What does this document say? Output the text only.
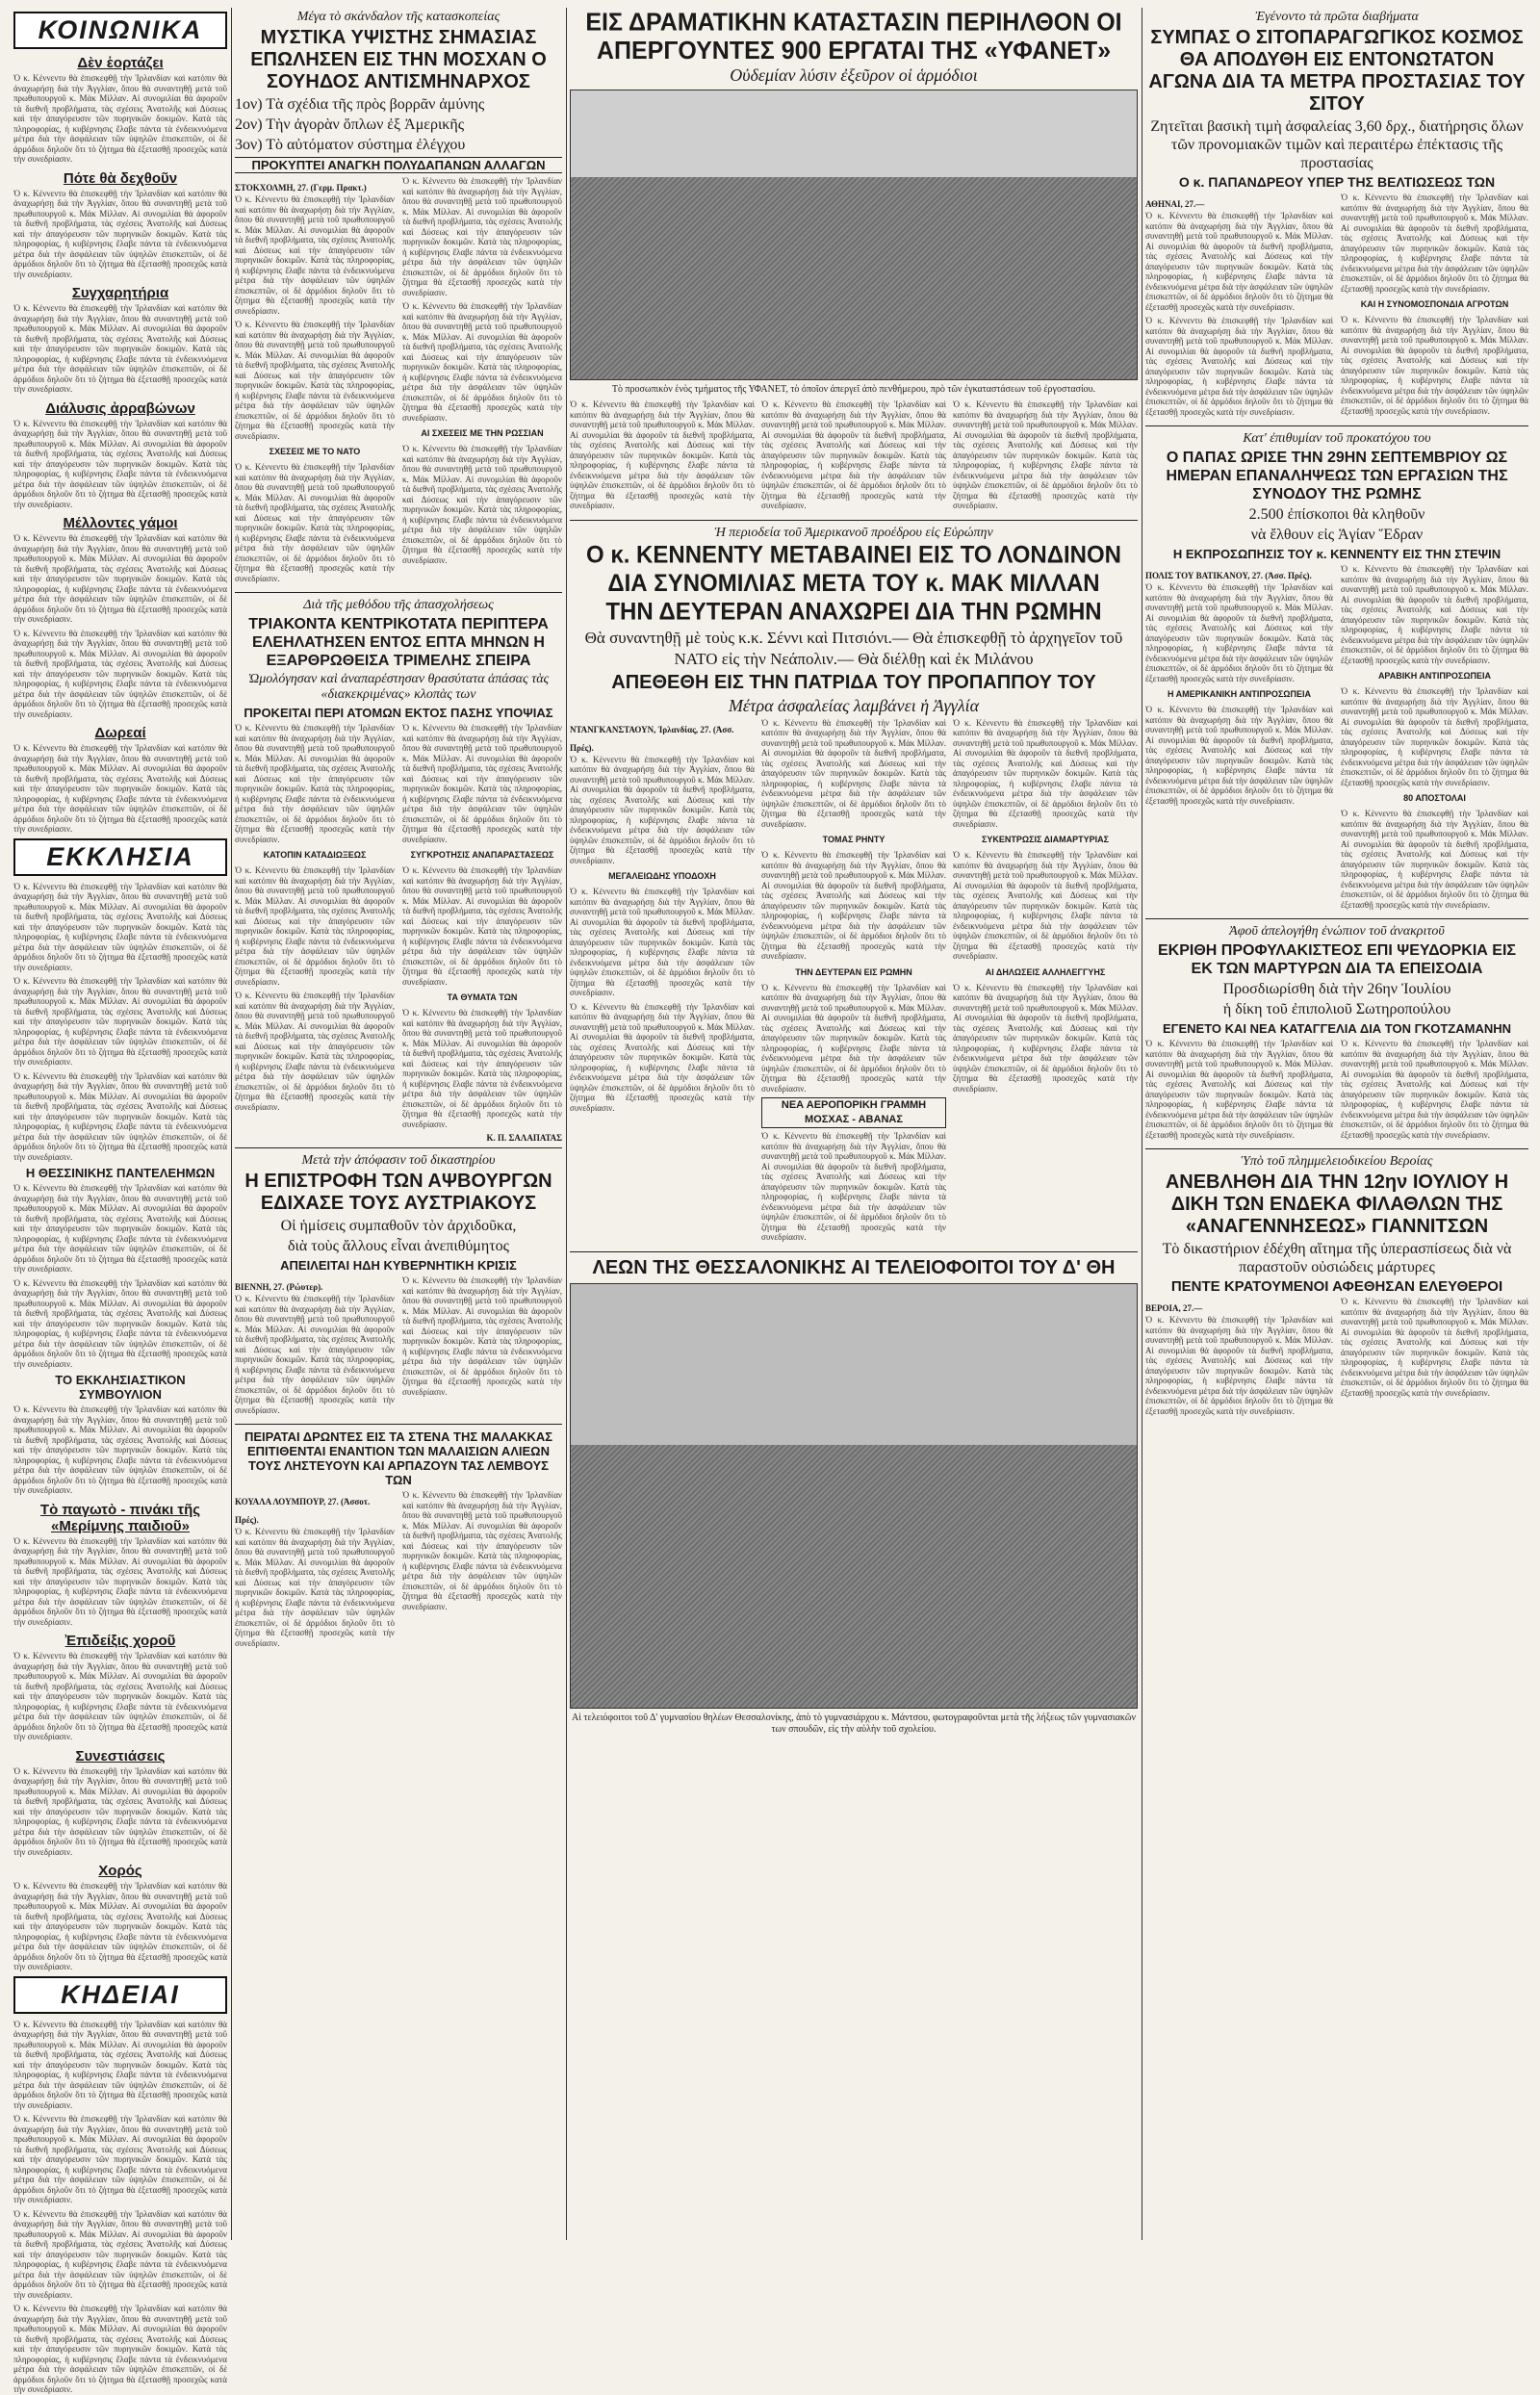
ΚΟΙΝΩΝΙΚΑ
Δὲν ἑορτάζει

Ὁ κ. Κέννεντυ θὰ ἐπισκεφθῇ τὴν Ἰρλανδίαν καὶ κατόπιν θὰ ἀναχωρήσῃ διὰ τὴν Ἀγγλίαν, ὅπου θὰ συναντηθῇ μετὰ τοῦ πρωθυπουργοῦ κ. Μάκ Μίλλαν. Αἱ συνομιλίαι θὰ ἀφοροῦν τὰ διεθνῆ προβλήματα, τὰς σχέσεις Ἀνατολῆς καὶ Δύσεως καὶ τὴν ἀπαγόρευσιν τῶν πυρηνικῶν δοκιμῶν. Κατὰ τὰς πληροφορίας, ἡ κυβέρνησις ἔλαβε πάντα τὰ ἐνδεικνυόμενα μέτρα διὰ τὴν ἀσφάλειαν τῶν ὑψηλῶν ἐπισκεπτῶν, οἱ δὲ ἁρμόδιοι δηλοῦν ὅτι τὸ ζήτημα θὰ ἐξετασθῇ προσεχῶς κατὰ τὴν συνεδρίασιν.

Πότε θὰ δεχθοῦν

Ὁ κ. Κέννεντυ θὰ ἐπισκεφθῇ τὴν Ἰρλανδίαν καὶ κατόπιν θὰ ἀναχωρήσῃ διὰ τὴν Ἀγγλίαν, ὅπου θὰ συναντηθῇ μετὰ τοῦ πρωθυπουργοῦ κ. Μάκ Μίλλαν. Αἱ συνομιλίαι θὰ ἀφοροῦν τὰ διεθνῆ προβλήματα, τὰς σχέσεις Ἀνατολῆς καὶ Δύσεως καὶ τὴν ἀπαγόρευσιν τῶν πυρηνικῶν δοκιμῶν. Κατὰ τὰς πληροφορίας, ἡ κυβέρνησις ἔλαβε πάντα τὰ ἐνδεικνυόμενα μέτρα διὰ τὴν ἀσφάλειαν τῶν ὑψηλῶν ἐπισκεπτῶν, οἱ δὲ ἁρμόδιοι δηλοῦν ὅτι τὸ ζήτημα θὰ ἐξετασθῇ προσεχῶς κατὰ τὴν συνεδρίασιν.

Συγχαρητήρια

Ὁ κ. Κέννεντυ θὰ ἐπισκεφθῇ τὴν Ἰρλανδίαν καὶ κατόπιν θὰ ἀναχωρήσῃ διὰ τὴν Ἀγγλίαν, ὅπου θὰ συναντηθῇ μετὰ τοῦ πρωθυπουργοῦ κ. Μάκ Μίλλαν. Αἱ συνομιλίαι θὰ ἀφοροῦν τὰ διεθνῆ προβλήματα, τὰς σχέσεις Ἀνατολῆς καὶ Δύσεως καὶ τὴν ἀπαγόρευσιν τῶν πυρηνικῶν δοκιμῶν. Κατὰ τὰς πληροφορίας, ἡ κυβέρνησις ἔλαβε πάντα τὰ ἐνδεικνυόμενα μέτρα διὰ τὴν ἀσφάλειαν τῶν ὑψηλῶν ἐπισκεπτῶν, οἱ δὲ ἁρμόδιοι δηλοῦν ὅτι τὸ ζήτημα θὰ ἐξετασθῇ προσεχῶς κατὰ τὴν συνεδρίασιν.

Διάλυσις ἀρραβώνων

Ὁ κ. Κέννεντυ θὰ ἐπισκεφθῇ τὴν Ἰρλανδίαν καὶ κατόπιν θὰ ἀναχωρήσῃ διὰ τὴν Ἀγγλίαν, ὅπου θὰ συναντηθῇ μετὰ τοῦ πρωθυπουργοῦ κ. Μάκ Μίλλαν. Αἱ συνομιλίαι θὰ ἀφοροῦν τὰ διεθνῆ προβλήματα, τὰς σχέσεις Ἀνατολῆς καὶ Δύσεως καὶ τὴν ἀπαγόρευσιν τῶν πυρηνικῶν δοκιμῶν. Κατὰ τὰς πληροφορίας, ἡ κυβέρνησις ἔλαβε πάντα τὰ ἐνδεικνυόμενα μέτρα διὰ τὴν ἀσφάλειαν τῶν ὑψηλῶν ἐπισκεπτῶν, οἱ δὲ ἁρμόδιοι δηλοῦν ὅτι τὸ ζήτημα θὰ ἐξετασθῇ προσεχῶς κατὰ τὴν συνεδρίασιν.

Μέλλοντες γάμοι

Ὁ κ. Κέννεντυ θὰ ἐπισκεφθῇ τὴν Ἰρλανδίαν καὶ κατόπιν θὰ ἀναχωρήσῃ διὰ τὴν Ἀγγλίαν, ὅπου θὰ συναντηθῇ μετὰ τοῦ πρωθυπουργοῦ κ. Μάκ Μίλλαν. Αἱ συνομιλίαι θὰ ἀφοροῦν τὰ διεθνῆ προβλήματα, τὰς σχέσεις Ἀνατολῆς καὶ Δύσεως καὶ τὴν ἀπαγόρευσιν τῶν πυρηνικῶν δοκιμῶν. Κατὰ τὰς πληροφορίας, ἡ κυβέρνησις ἔλαβε πάντα τὰ ἐνδεικνυόμενα μέτρα διὰ τὴν ἀσφάλειαν τῶν ὑψηλῶν ἐπισκεπτῶν, οἱ δὲ ἁρμόδιοι δηλοῦν ὅτι τὸ ζήτημα θὰ ἐξετασθῇ προσεχῶς κατὰ τὴν συνεδρίασιν.

Ὁ κ. Κέννεντυ θὰ ἐπισκεφθῇ τὴν Ἰρλανδίαν καὶ κατόπιν θὰ ἀναχωρήσῃ διὰ τὴν Ἀγγλίαν, ὅπου θὰ συναντηθῇ μετὰ τοῦ πρωθυπουργοῦ κ. Μάκ Μίλλαν. Αἱ συνομιλίαι θὰ ἀφοροῦν τὰ διεθνῆ προβλήματα, τὰς σχέσεις Ἀνατολῆς καὶ Δύσεως καὶ τὴν ἀπαγόρευσιν τῶν πυρηνικῶν δοκιμῶν. Κατὰ τὰς πληροφορίας, ἡ κυβέρνησις ἔλαβε πάντα τὰ ἐνδεικνυόμενα μέτρα διὰ τὴν ἀσφάλειαν τῶν ὑψηλῶν ἐπισκεπτῶν, οἱ δὲ ἁρμόδιοι δηλοῦν ὅτι τὸ ζήτημα θὰ ἐξετασθῇ προσεχῶς κατὰ τὴν συνεδρίασιν.

Δωρεαί

Ὁ κ. Κέννεντυ θὰ ἐπισκεφθῇ τὴν Ἰρλανδίαν καὶ κατόπιν θὰ ἀναχωρήσῃ διὰ τὴν Ἀγγλίαν, ὅπου θὰ συναντηθῇ μετὰ τοῦ πρωθυπουργοῦ κ. Μάκ Μίλλαν. Αἱ συνομιλίαι θὰ ἀφοροῦν τὰ διεθνῆ προβλήματα, τὰς σχέσεις Ἀνατολῆς καὶ Δύσεως καὶ τὴν ἀπαγόρευσιν τῶν πυρηνικῶν δοκιμῶν. Κατὰ τὰς πληροφορίας, ἡ κυβέρνησις ἔλαβε πάντα τὰ ἐνδεικνυόμενα μέτρα διὰ τὴν ἀσφάλειαν τῶν ὑψηλῶν ἐπισκεπτῶν, οἱ δὲ ἁρμόδιοι δηλοῦν ὅτι τὸ ζήτημα θὰ ἐξετασθῇ προσεχῶς κατὰ τὴν συνεδρίασιν.

ΕΚΚΛΗΣΙΑ

Ὁ κ. Κέννεντυ θὰ ἐπισκεφθῇ τὴν Ἰρλανδίαν καὶ κατόπιν θὰ ἀναχωρήσῃ διὰ τὴν Ἀγγλίαν, ὅπου θὰ συναντηθῇ μετὰ τοῦ πρωθυπουργοῦ κ. Μάκ Μίλλαν. Αἱ συνομιλίαι θὰ ἀφοροῦν τὰ διεθνῆ προβλήματα, τὰς σχέσεις Ἀνατολῆς καὶ Δύσεως καὶ τὴν ἀπαγόρευσιν τῶν πυρηνικῶν δοκιμῶν. Κατὰ τὰς πληροφορίας, ἡ κυβέρνησις ἔλαβε πάντα τὰ ἐνδεικνυόμενα μέτρα διὰ τὴν ἀσφάλειαν τῶν ὑψηλῶν ἐπισκεπτῶν, οἱ δὲ ἁρμόδιοι δηλοῦν ὅτι τὸ ζήτημα θὰ ἐξετασθῇ προσεχῶς κατὰ τὴν συνεδρίασιν.

Ὁ κ. Κέννεντυ θὰ ἐπισκεφθῇ τὴν Ἰρλανδίαν καὶ κατόπιν θὰ ἀναχωρήσῃ διὰ τὴν Ἀγγλίαν, ὅπου θὰ συναντηθῇ μετὰ τοῦ πρωθυπουργοῦ κ. Μάκ Μίλλαν. Αἱ συνομιλίαι θὰ ἀφοροῦν τὰ διεθνῆ προβλήματα, τὰς σχέσεις Ἀνατολῆς καὶ Δύσεως καὶ τὴν ἀπαγόρευσιν τῶν πυρηνικῶν δοκιμῶν. Κατὰ τὰς πληροφορίας, ἡ κυβέρνησις ἔλαβε πάντα τὰ ἐνδεικνυόμενα μέτρα διὰ τὴν ἀσφάλειαν τῶν ὑψηλῶν ἐπισκεπτῶν, οἱ δὲ ἁρμόδιοι δηλοῦν ὅτι τὸ ζήτημα θὰ ἐξετασθῇ προσεχῶς κατὰ τὴν συνεδρίασιν.

Ὁ κ. Κέννεντυ θὰ ἐπισκεφθῇ τὴν Ἰρλανδίαν καὶ κατόπιν θὰ ἀναχωρήσῃ διὰ τὴν Ἀγγλίαν, ὅπου θὰ συναντηθῇ μετὰ τοῦ πρωθυπουργοῦ κ. Μάκ Μίλλαν. Αἱ συνομιλίαι θὰ ἀφοροῦν τὰ διεθνῆ προβλήματα, τὰς σχέσεις Ἀνατολῆς καὶ Δύσεως καὶ τὴν ἀπαγόρευσιν τῶν πυρηνικῶν δοκιμῶν. Κατὰ τὰς πληροφορίας, ἡ κυβέρνησις ἔλαβε πάντα τὰ ἐνδεικνυόμενα μέτρα διὰ τὴν ἀσφάλειαν τῶν ὑψηλῶν ἐπισκεπτῶν, οἱ δὲ ἁρμόδιοι δηλοῦν ὅτι τὸ ζήτημα θὰ ἐξετασθῇ προσεχῶς κατὰ τὴν συνεδρίασιν.

Η ΘΕΣΣΙΝΙΚΗΣ ΠΑΝΤΕΛΕΗΜΩΝ

Ὁ κ. Κέννεντυ θὰ ἐπισκεφθῇ τὴν Ἰρλανδίαν καὶ κατόπιν θὰ ἀναχωρήσῃ διὰ τὴν Ἀγγλίαν, ὅπου θὰ συναντηθῇ μετὰ τοῦ πρωθυπουργοῦ κ. Μάκ Μίλλαν. Αἱ συνομιλίαι θὰ ἀφοροῦν τὰ διεθνῆ προβλήματα, τὰς σχέσεις Ἀνατολῆς καὶ Δύσεως καὶ τὴν ἀπαγόρευσιν τῶν πυρηνικῶν δοκιμῶν. Κατὰ τὰς πληροφορίας, ἡ κυβέρνησις ἔλαβε πάντα τὰ ἐνδεικνυόμενα μέτρα διὰ τὴν ἀσφάλειαν τῶν ὑψηλῶν ἐπισκεπτῶν, οἱ δὲ ἁρμόδιοι δηλοῦν ὅτι τὸ ζήτημα θὰ ἐξετασθῇ προσεχῶς κατὰ τὴν συνεδρίασιν.

Ὁ κ. Κέννεντυ θὰ ἐπισκεφθῇ τὴν Ἰρλανδίαν καὶ κατόπιν θὰ ἀναχωρήσῃ διὰ τὴν Ἀγγλίαν, ὅπου θὰ συναντηθῇ μετὰ τοῦ πρωθυπουργοῦ κ. Μάκ Μίλλαν. Αἱ συνομιλίαι θὰ ἀφοροῦν τὰ διεθνῆ προβλήματα, τὰς σχέσεις Ἀνατολῆς καὶ Δύσεως καὶ τὴν ἀπαγόρευσιν τῶν πυρηνικῶν δοκιμῶν. Κατὰ τὰς πληροφορίας, ἡ κυβέρνησις ἔλαβε πάντα τὰ ἐνδεικνυόμενα μέτρα διὰ τὴν ἀσφάλειαν τῶν ὑψηλῶν ἐπισκεπτῶν, οἱ δὲ ἁρμόδιοι δηλοῦν ὅτι τὸ ζήτημα θὰ ἐξετασθῇ προσεχῶς κατὰ τὴν συνεδρίασιν.

ΤΟ ΕΚΚΛΗΣΙΑΣΤΙΚΟΝ ΣΥΜΒΟΥΛΙΟΝ

Ὁ κ. Κέννεντυ θὰ ἐπισκεφθῇ τὴν Ἰρλανδίαν καὶ κατόπιν θὰ ἀναχωρήσῃ διὰ τὴν Ἀγγλίαν, ὅπου θὰ συναντηθῇ μετὰ τοῦ πρωθυπουργοῦ κ. Μάκ Μίλλαν. Αἱ συνομιλίαι θὰ ἀφοροῦν τὰ διεθνῆ προβλήματα, τὰς σχέσεις Ἀνατολῆς καὶ Δύσεως καὶ τὴν ἀπαγόρευσιν τῶν πυρηνικῶν δοκιμῶν. Κατὰ τὰς πληροφορίας, ἡ κυβέρνησις ἔλαβε πάντα τὰ ἐνδεικνυόμενα μέτρα διὰ τὴν ἀσφάλειαν τῶν ὑψηλῶν ἐπισκεπτῶν, οἱ δὲ ἁρμόδιοι δηλοῦν ὅτι τὸ ζήτημα θὰ ἐξετασθῇ προσεχῶς κατὰ τὴν συνεδρίασιν.

Τὸ παγωτὸ - πινάκι τῆς «Μερίμνης παιδιοῦ»

Ὁ κ. Κέννεντυ θὰ ἐπισκεφθῇ τὴν Ἰρλανδίαν καὶ κατόπιν θὰ ἀναχωρήσῃ διὰ τὴν Ἀγγλίαν, ὅπου θὰ συναντηθῇ μετὰ τοῦ πρωθυπουργοῦ κ. Μάκ Μίλλαν. Αἱ συνομιλίαι θὰ ἀφοροῦν τὰ διεθνῆ προβλήματα, τὰς σχέσεις Ἀνατολῆς καὶ Δύσεως καὶ τὴν ἀπαγόρευσιν τῶν πυρηνικῶν δοκιμῶν. Κατὰ τὰς πληροφορίας, ἡ κυβέρνησις ἔλαβε πάντα τὰ ἐνδεικνυόμενα μέτρα διὰ τὴν ἀσφάλειαν τῶν ὑψηλῶν ἐπισκεπτῶν, οἱ δὲ ἁρμόδιοι δηλοῦν ὅτι τὸ ζήτημα θὰ ἐξετασθῇ προσεχῶς κατὰ τὴν συνεδρίασιν.

Ἐπιδείξις χοροῦ

Ὁ κ. Κέννεντυ θὰ ἐπισκεφθῇ τὴν Ἰρλανδίαν καὶ κατόπιν θὰ ἀναχωρήσῃ διὰ τὴν Ἀγγλίαν, ὅπου θὰ συναντηθῇ μετὰ τοῦ πρωθυπουργοῦ κ. Μάκ Μίλλαν. Αἱ συνομιλίαι θὰ ἀφοροῦν τὰ διεθνῆ προβλήματα, τὰς σχέσεις Ἀνατολῆς καὶ Δύσεως καὶ τὴν ἀπαγόρευσιν τῶν πυρηνικῶν δοκιμῶν. Κατὰ τὰς πληροφορίας, ἡ κυβέρνησις ἔλαβε πάντα τὰ ἐνδεικνυόμενα μέτρα διὰ τὴν ἀσφάλειαν τῶν ὑψηλῶν ἐπισκεπτῶν, οἱ δὲ ἁρμόδιοι δηλοῦν ὅτι τὸ ζήτημα θὰ ἐξετασθῇ προσεχῶς κατὰ τὴν συνεδρίασιν.

Συνεστιάσεις

Ὁ κ. Κέννεντυ θὰ ἐπισκεφθῇ τὴν Ἰρλανδίαν καὶ κατόπιν θὰ ἀναχωρήσῃ διὰ τὴν Ἀγγλίαν, ὅπου θὰ συναντηθῇ μετὰ τοῦ πρωθυπουργοῦ κ. Μάκ Μίλλαν. Αἱ συνομιλίαι θὰ ἀφοροῦν τὰ διεθνῆ προβλήματα, τὰς σχέσεις Ἀνατολῆς καὶ Δύσεως καὶ τὴν ἀπαγόρευσιν τῶν πυρηνικῶν δοκιμῶν. Κατὰ τὰς πληροφορίας, ἡ κυβέρνησις ἔλαβε πάντα τὰ ἐνδεικνυόμενα μέτρα διὰ τὴν ἀσφάλειαν τῶν ὑψηλῶν ἐπισκεπτῶν, οἱ δὲ ἁρμόδιοι δηλοῦν ὅτι τὸ ζήτημα θὰ ἐξετασθῇ προσεχῶς κατὰ τὴν συνεδρίασιν.

Χορός

Ὁ κ. Κέννεντυ θὰ ἐπισκεφθῇ τὴν Ἰρλανδίαν καὶ κατόπιν θὰ ἀναχωρήσῃ διὰ τὴν Ἀγγλίαν, ὅπου θὰ συναντηθῇ μετὰ τοῦ πρωθυπουργοῦ κ. Μάκ Μίλλαν. Αἱ συνομιλίαι θὰ ἀφοροῦν τὰ διεθνῆ προβλήματα, τὰς σχέσεις Ἀνατολῆς καὶ Δύσεως καὶ τὴν ἀπαγόρευσιν τῶν πυρηνικῶν δοκιμῶν. Κατὰ τὰς πληροφορίας, ἡ κυβέρνησις ἔλαβε πάντα τὰ ἐνδεικνυόμενα μέτρα διὰ τὴν ἀσφάλειαν τῶν ὑψηλῶν ἐπισκεπτῶν, οἱ δὲ ἁρμόδιοι δηλοῦν ὅτι τὸ ζήτημα θὰ ἐξετασθῇ προσεχῶς κατὰ τὴν συνεδρίασιν.

ΚΗΔΕΙΑΙ

Ὁ κ. Κέννεντυ θὰ ἐπισκεφθῇ τὴν Ἰρλανδίαν καὶ κατόπιν θὰ ἀναχωρήσῃ διὰ τὴν Ἀγγλίαν, ὅπου θὰ συναντηθῇ μετὰ τοῦ πρωθυπουργοῦ κ. Μάκ Μίλλαν. Αἱ συνομιλίαι θὰ ἀφοροῦν τὰ διεθνῆ προβλήματα, τὰς σχέσεις Ἀνατολῆς καὶ Δύσεως καὶ τὴν ἀπαγόρευσιν τῶν πυρηνικῶν δοκιμῶν. Κατὰ τὰς πληροφορίας, ἡ κυβέρνησις ἔλαβε πάντα τὰ ἐνδεικνυόμενα μέτρα διὰ τὴν ἀσφάλειαν τῶν ὑψηλῶν ἐπισκεπτῶν, οἱ δὲ ἁρμόδιοι δηλοῦν ὅτι τὸ ζήτημα θὰ ἐξετασθῇ προσεχῶς κατὰ τὴν συνεδρίασιν.

Ὁ κ. Κέννεντυ θὰ ἐπισκεφθῇ τὴν Ἰρλανδίαν καὶ κατόπιν θὰ ἀναχωρήσῃ διὰ τὴν Ἀγγλίαν, ὅπου θὰ συναντηθῇ μετὰ τοῦ πρωθυπουργοῦ κ. Μάκ Μίλλαν. Αἱ συνομιλίαι θὰ ἀφοροῦν τὰ διεθνῆ προβλήματα, τὰς σχέσεις Ἀνατολῆς καὶ Δύσεως καὶ τὴν ἀπαγόρευσιν τῶν πυρηνικῶν δοκιμῶν. Κατὰ τὰς πληροφορίας, ἡ κυβέρνησις ἔλαβε πάντα τὰ ἐνδεικνυόμενα μέτρα διὰ τὴν ἀσφάλειαν τῶν ὑψηλῶν ἐπισκεπτῶν, οἱ δὲ ἁρμόδιοι δηλοῦν ὅτι τὸ ζήτημα θὰ ἐξετασθῇ προσεχῶς κατὰ τὴν συνεδρίασιν.

Ὁ κ. Κέννεντυ θὰ ἐπισκεφθῇ τὴν Ἰρλανδίαν καὶ κατόπιν θὰ ἀναχωρήσῃ διὰ τὴν Ἀγγλίαν, ὅπου θὰ συναντηθῇ μετὰ τοῦ πρωθυπουργοῦ κ. Μάκ Μίλλαν. Αἱ συνομιλίαι θὰ ἀφοροῦν τὰ διεθνῆ προβλήματα, τὰς σχέσεις Ἀνατολῆς καὶ Δύσεως καὶ τὴν ἀπαγόρευσιν τῶν πυρηνικῶν δοκιμῶν. Κατὰ τὰς πληροφορίας, ἡ κυβέρνησις ἔλαβε πάντα τὰ ἐνδεικνυόμενα μέτρα διὰ τὴν ἀσφάλειαν τῶν ὑψηλῶν ἐπισκεπτῶν, οἱ δὲ ἁρμόδιοι δηλοῦν ὅτι τὸ ζήτημα θὰ ἐξετασθῇ προσεχῶς κατὰ τὴν συνεδρίασιν.

Ὁ κ. Κέννεντυ θὰ ἐπισκεφθῇ τὴν Ἰρλανδίαν καὶ κατόπιν θὰ ἀναχωρήσῃ διὰ τὴν Ἀγγλίαν, ὅπου θὰ συναντηθῇ μετὰ τοῦ πρωθυπουργοῦ κ. Μάκ Μίλλαν. Αἱ συνομιλίαι θὰ ἀφοροῦν τὰ διεθνῆ προβλήματα, τὰς σχέσεις Ἀνατολῆς καὶ Δύσεως καὶ τὴν ἀπαγόρευσιν τῶν πυρηνικῶν δοκιμῶν. Κατὰ τὰς πληροφορίας, ἡ κυβέρνησις ἔλαβε πάντα τὰ ἐνδεικνυόμενα μέτρα διὰ τὴν ἀσφάλειαν τῶν ὑψηλῶν ἐπισκεπτῶν, οἱ δὲ ἁρμόδιοι δηλοῦν ὅτι τὸ ζήτημα θὰ ἐξετασθῇ προσεχῶς κατὰ τὴν συνεδρίασιν.

Μέγα τὸ σκάνδαλον τῆς κατασκοπείας
ΜΥΣΤΙΚΑ ΥΨΙΣΤΗΣ ΣΗΜΑΣΙΑΣ ΕΠΩΛΗΣΕΝ ΕΙΣ ΤΗΝ ΜΟΣΧΑΝ Ο ΣΟΥΗΔΟΣ ΑΝΤΙΣΜΗΝΑΡΧΟΣ
1ον) Τὰ σχέδια τῆς πρὸς βορρᾶν ἀμύνης
2ον) Τὴν ἀγορὰν ὅπλων ἐξ Ἀμερικῆς
3ον) Τὸ αὐτόματον σύστημα ἐλέγχου
ΠΡΟΚΥΠΤΕΙ ΑΝΑΓΚΗ ΠΟΛΥΔΑΠΑΝΩΝ ΑΛΛΑΓΩΝ
ΣΤΟΚΧΟΛΜΗ, 27. (Γερμ. Πρακτ.)

Ὁ κ. Κέννεντυ θὰ ἐπισκεφθῇ τὴν Ἰρλανδίαν καὶ κατόπιν θὰ ἀναχωρήσῃ διὰ τὴν Ἀγγλίαν, ὅπου θὰ συναντηθῇ μετὰ τοῦ πρωθυπουργοῦ κ. Μάκ Μίλλαν. Αἱ συνομιλίαι θὰ ἀφοροῦν τὰ διεθνῆ προβλήματα, τὰς σχέσεις Ἀνατολῆς καὶ Δύσεως καὶ τὴν ἀπαγόρευσιν τῶν πυρηνικῶν δοκιμῶν. Κατὰ τὰς πληροφορίας, ἡ κυβέρνησις ἔλαβε πάντα τὰ ἐνδεικνυόμενα μέτρα διὰ τὴν ἀσφάλειαν τῶν ὑψηλῶν ἐπισκεπτῶν, οἱ δὲ ἁρμόδιοι δηλοῦν ὅτι τὸ ζήτημα θὰ ἐξετασθῇ προσεχῶς κατὰ τὴν συνεδρίασιν.

Ὁ κ. Κέννεντυ θὰ ἐπισκεφθῇ τὴν Ἰρλανδίαν καὶ κατόπιν θὰ ἀναχωρήσῃ διὰ τὴν Ἀγγλίαν, ὅπου θὰ συναντηθῇ μετὰ τοῦ πρωθυπουργοῦ κ. Μάκ Μίλλαν. Αἱ συνομιλίαι θὰ ἀφοροῦν τὰ διεθνῆ προβλήματα, τὰς σχέσεις Ἀνατολῆς καὶ Δύσεως καὶ τὴν ἀπαγόρευσιν τῶν πυρηνικῶν δοκιμῶν. Κατὰ τὰς πληροφορίας, ἡ κυβέρνησις ἔλαβε πάντα τὰ ἐνδεικνυόμενα μέτρα διὰ τὴν ἀσφάλειαν τῶν ὑψηλῶν ἐπισκεπτῶν, οἱ δὲ ἁρμόδιοι δηλοῦν ὅτι τὸ ζήτημα θὰ ἐξετασθῇ προσεχῶς κατὰ τὴν συνεδρίασιν.

ΣΧΕΣΕΙΣ ΜΕ ΤΟ ΝΑΤΟ

Ὁ κ. Κέννεντυ θὰ ἐπισκεφθῇ τὴν Ἰρλανδίαν καὶ κατόπιν θὰ ἀναχωρήσῃ διὰ τὴν Ἀγγλίαν, ὅπου θὰ συναντηθῇ μετὰ τοῦ πρωθυπουργοῦ κ. Μάκ Μίλλαν. Αἱ συνομιλίαι θὰ ἀφοροῦν τὰ διεθνῆ προβλήματα, τὰς σχέσεις Ἀνατολῆς καὶ Δύσεως καὶ τὴν ἀπαγόρευσιν τῶν πυρηνικῶν δοκιμῶν. Κατὰ τὰς πληροφορίας, ἡ κυβέρνησις ἔλαβε πάντα τὰ ἐνδεικνυόμενα μέτρα διὰ τὴν ἀσφάλειαν τῶν ὑψηλῶν ἐπισκεπτῶν, οἱ δὲ ἁρμόδιοι δηλοῦν ὅτι τὸ ζήτημα θὰ ἐξετασθῇ προσεχῶς κατὰ τὴν συνεδρίασιν.

Ὁ κ. Κέννεντυ θὰ ἐπισκεφθῇ τὴν Ἰρλανδίαν καὶ κατόπιν θὰ ἀναχωρήσῃ διὰ τὴν Ἀγγλίαν, ὅπου θὰ συναντηθῇ μετὰ τοῦ πρωθυπουργοῦ κ. Μάκ Μίλλαν. Αἱ συνομιλίαι θὰ ἀφοροῦν τὰ διεθνῆ προβλήματα, τὰς σχέσεις Ἀνατολῆς καὶ Δύσεως καὶ τὴν ἀπαγόρευσιν τῶν πυρηνικῶν δοκιμῶν. Κατὰ τὰς πληροφορίας, ἡ κυβέρνησις ἔλαβε πάντα τὰ ἐνδεικνυόμενα μέτρα διὰ τὴν ἀσφάλειαν τῶν ὑψηλῶν ἐπισκεπτῶν, οἱ δὲ ἁρμόδιοι δηλοῦν ὅτι τὸ ζήτημα θὰ ἐξετασθῇ προσεχῶς κατὰ τὴν συνεδρίασιν.

Ὁ κ. Κέννεντυ θὰ ἐπισκεφθῇ τὴν Ἰρλανδίαν καὶ κατόπιν θὰ ἀναχωρήσῃ διὰ τὴν Ἀγγλίαν, ὅπου θὰ συναντηθῇ μετὰ τοῦ πρωθυπουργοῦ κ. Μάκ Μίλλαν. Αἱ συνομιλίαι θὰ ἀφοροῦν τὰ διεθνῆ προβλήματα, τὰς σχέσεις Ἀνατολῆς καὶ Δύσεως καὶ τὴν ἀπαγόρευσιν τῶν πυρηνικῶν δοκιμῶν. Κατὰ τὰς πληροφορίας, ἡ κυβέρνησις ἔλαβε πάντα τὰ ἐνδεικνυόμενα μέτρα διὰ τὴν ἀσφάλειαν τῶν ὑψηλῶν ἐπισκεπτῶν, οἱ δὲ ἁρμόδιοι δηλοῦν ὅτι τὸ ζήτημα θὰ ἐξετασθῇ προσεχῶς κατὰ τὴν συνεδρίασιν.

ΑΙ ΣΧΕΣΕΙΣ ΜΕ ΤΗΝ ΡΩΣΣΙΑΝ

Ὁ κ. Κέννεντυ θὰ ἐπισκεφθῇ τὴν Ἰρλανδίαν καὶ κατόπιν θὰ ἀναχωρήσῃ διὰ τὴν Ἀγγλίαν, ὅπου θὰ συναντηθῇ μετὰ τοῦ πρωθυπουργοῦ κ. Μάκ Μίλλαν. Αἱ συνομιλίαι θὰ ἀφοροῦν τὰ διεθνῆ προβλήματα, τὰς σχέσεις Ἀνατολῆς καὶ Δύσεως καὶ τὴν ἀπαγόρευσιν τῶν πυρηνικῶν δοκιμῶν. Κατὰ τὰς πληροφορίας, ἡ κυβέρνησις ἔλαβε πάντα τὰ ἐνδεικνυόμενα μέτρα διὰ τὴν ἀσφάλειαν τῶν ὑψηλῶν ἐπισκεπτῶν, οἱ δὲ ἁρμόδιοι δηλοῦν ὅτι τὸ ζήτημα θὰ ἐξετασθῇ προσεχῶς κατὰ τὴν συνεδρίασιν.

Διὰ τῆς μεθόδου τῆς ἀπασχολήσεως
ΤΡΙΑΚΟΝΤΑ ΚΕΝΤΡΙΚΟΤΑΤΑ ΠΕΡΙΠΤΕΡΑ ΕΛΕΗΛΑΤΗΣΕΝ ΕΝΤΟΣ ΕΠΤΑ ΜΗΝΩΝ Η ΕΞΑΡΘΡΩΘΕΙΣΑ ΤΡΙΜΕΛΗΣ ΣΠΕΙΡΑ
Ὡμολόγησαν καὶ ἀναπαρέστησαν θρασύτατα ἁπάσας τὰς «διακεκριμένας» κλοπὰς των
ΠΡΟΚΕΙΤΑΙ ΠΕΡΙ ΑΤΟΜΩΝ ΕΚΤΟΣ ΠΑΣΗΣ ΥΠΟΨΙΑΣ

Ὁ κ. Κέννεντυ θὰ ἐπισκεφθῇ τὴν Ἰρλανδίαν καὶ κατόπιν θὰ ἀναχωρήσῃ διὰ τὴν Ἀγγλίαν, ὅπου θὰ συναντηθῇ μετὰ τοῦ πρωθυπουργοῦ κ. Μάκ Μίλλαν. Αἱ συνομιλίαι θὰ ἀφοροῦν τὰ διεθνῆ προβλήματα, τὰς σχέσεις Ἀνατολῆς καὶ Δύσεως καὶ τὴν ἀπαγόρευσιν τῶν πυρηνικῶν δοκιμῶν. Κατὰ τὰς πληροφορίας, ἡ κυβέρνησις ἔλαβε πάντα τὰ ἐνδεικνυόμενα μέτρα διὰ τὴν ἀσφάλειαν τῶν ὑψηλῶν ἐπισκεπτῶν, οἱ δὲ ἁρμόδιοι δηλοῦν ὅτι τὸ ζήτημα θὰ ἐξετασθῇ προσεχῶς κατὰ τὴν συνεδρίασιν.

ΚΑΤΟΠΙΝ ΚΑΤΑΔΙΩΞΕΩΣ

Ὁ κ. Κέννεντυ θὰ ἐπισκεφθῇ τὴν Ἰρλανδίαν καὶ κατόπιν θὰ ἀναχωρήσῃ διὰ τὴν Ἀγγλίαν, ὅπου θὰ συναντηθῇ μετὰ τοῦ πρωθυπουργοῦ κ. Μάκ Μίλλαν. Αἱ συνομιλίαι θὰ ἀφοροῦν τὰ διεθνῆ προβλήματα, τὰς σχέσεις Ἀνατολῆς καὶ Δύσεως καὶ τὴν ἀπαγόρευσιν τῶν πυρηνικῶν δοκιμῶν. Κατὰ τὰς πληροφορίας, ἡ κυβέρνησις ἔλαβε πάντα τὰ ἐνδεικνυόμενα μέτρα διὰ τὴν ἀσφάλειαν τῶν ὑψηλῶν ἐπισκεπτῶν, οἱ δὲ ἁρμόδιοι δηλοῦν ὅτι τὸ ζήτημα θὰ ἐξετασθῇ προσεχῶς κατὰ τὴν συνεδρίασιν.

Ὁ κ. Κέννεντυ θὰ ἐπισκεφθῇ τὴν Ἰρλανδίαν καὶ κατόπιν θὰ ἀναχωρήσῃ διὰ τὴν Ἀγγλίαν, ὅπου θὰ συναντηθῇ μετὰ τοῦ πρωθυπουργοῦ κ. Μάκ Μίλλαν. Αἱ συνομιλίαι θὰ ἀφοροῦν τὰ διεθνῆ προβλήματα, τὰς σχέσεις Ἀνατολῆς καὶ Δύσεως καὶ τὴν ἀπαγόρευσιν τῶν πυρηνικῶν δοκιμῶν. Κατὰ τὰς πληροφορίας, ἡ κυβέρνησις ἔλαβε πάντα τὰ ἐνδεικνυόμενα μέτρα διὰ τὴν ἀσφάλειαν τῶν ὑψηλῶν ἐπισκεπτῶν, οἱ δὲ ἁρμόδιοι δηλοῦν ὅτι τὸ ζήτημα θὰ ἐξετασθῇ προσεχῶς κατὰ τὴν συνεδρίασιν.

Ὁ κ. Κέννεντυ θὰ ἐπισκεφθῇ τὴν Ἰρλανδίαν καὶ κατόπιν θὰ ἀναχωρήσῃ διὰ τὴν Ἀγγλίαν, ὅπου θὰ συναντηθῇ μετὰ τοῦ πρωθυπουργοῦ κ. Μάκ Μίλλαν. Αἱ συνομιλίαι θὰ ἀφοροῦν τὰ διεθνῆ προβλήματα, τὰς σχέσεις Ἀνατολῆς καὶ Δύσεως καὶ τὴν ἀπαγόρευσιν τῶν πυρηνικῶν δοκιμῶν. Κατὰ τὰς πληροφορίας, ἡ κυβέρνησις ἔλαβε πάντα τὰ ἐνδεικνυόμενα μέτρα διὰ τὴν ἀσφάλειαν τῶν ὑψηλῶν ἐπισκεπτῶν, οἱ δὲ ἁρμόδιοι δηλοῦν ὅτι τὸ ζήτημα θὰ ἐξετασθῇ προσεχῶς κατὰ τὴν συνεδρίασιν.

ΣΥΓΚΡΟΤΗΣΙΣ ΑΝΑΠΑΡΑΣΤΑΣΕΩΣ

Ὁ κ. Κέννεντυ θὰ ἐπισκεφθῇ τὴν Ἰρλανδίαν καὶ κατόπιν θὰ ἀναχωρήσῃ διὰ τὴν Ἀγγλίαν, ὅπου θὰ συναντηθῇ μετὰ τοῦ πρωθυπουργοῦ κ. Μάκ Μίλλαν. Αἱ συνομιλίαι θὰ ἀφοροῦν τὰ διεθνῆ προβλήματα, τὰς σχέσεις Ἀνατολῆς καὶ Δύσεως καὶ τὴν ἀπαγόρευσιν τῶν πυρηνικῶν δοκιμῶν. Κατὰ τὰς πληροφορίας, ἡ κυβέρνησις ἔλαβε πάντα τὰ ἐνδεικνυόμενα μέτρα διὰ τὴν ἀσφάλειαν τῶν ὑψηλῶν ἐπισκεπτῶν, οἱ δὲ ἁρμόδιοι δηλοῦν ὅτι τὸ ζήτημα θὰ ἐξετασθῇ προσεχῶς κατὰ τὴν συνεδρίασιν.

ΤΑ ΘΥΜΑΤΑ ΤΩΝ

Ὁ κ. Κέννεντυ θὰ ἐπισκεφθῇ τὴν Ἰρλανδίαν καὶ κατόπιν θὰ ἀναχωρήσῃ διὰ τὴν Ἀγγλίαν, ὅπου θὰ συναντηθῇ μετὰ τοῦ πρωθυπουργοῦ κ. Μάκ Μίλλαν. Αἱ συνομιλίαι θὰ ἀφοροῦν τὰ διεθνῆ προβλήματα, τὰς σχέσεις Ἀνατολῆς καὶ Δύσεως καὶ τὴν ἀπαγόρευσιν τῶν πυρηνικῶν δοκιμῶν. Κατὰ τὰς πληροφορίας, ἡ κυβέρνησις ἔλαβε πάντα τὰ ἐνδεικνυόμενα μέτρα διὰ τὴν ἀσφάλειαν τῶν ὑψηλῶν ἐπισκεπτῶν, οἱ δὲ ἁρμόδιοι δηλοῦν ὅτι τὸ ζήτημα θὰ ἐξετασθῇ προσεχῶς κατὰ τὴν συνεδρίασιν.

Κ. Π. ΣΑΛΑΠΑΤΑΣ
Μετὰ τὴν ἀπόφασιν τοῦ δικαστηρίου
Η ΕΠΙΣΤΡΟΦΗ ΤΩΝ ΑΨΒΟΥΡΓΩΝ ΕΔΙΧΑΣΕ ΤΟΥΣ ΑΥΣΤΡΙΑΚΟΥΣ
Οἱ ἡμίσεις συμπαθοῦν τὸν ἀρχιδοῦκα,
διὰ τοὺς ἄλλους εἶναι ἀνεπιθύμητος
ΑΠΕΙΛΕΙΤΑΙ ΗΔΗ ΚΥΒΕΡΝΗΤΙΚΗ ΚΡΙΣΙΣ
ΒΙΕΝΝΗ, 27. (Ρώυτερ).

Ὁ κ. Κέννεντυ θὰ ἐπισκεφθῇ τὴν Ἰρλανδίαν καὶ κατόπιν θὰ ἀναχωρήσῃ διὰ τὴν Ἀγγλίαν, ὅπου θὰ συναντηθῇ μετὰ τοῦ πρωθυπουργοῦ κ. Μάκ Μίλλαν. Αἱ συνομιλίαι θὰ ἀφοροῦν τὰ διεθνῆ προβλήματα, τὰς σχέσεις Ἀνατολῆς καὶ Δύσεως καὶ τὴν ἀπαγόρευσιν τῶν πυρηνικῶν δοκιμῶν. Κατὰ τὰς πληροφορίας, ἡ κυβέρνησις ἔλαβε πάντα τὰ ἐνδεικνυόμενα μέτρα διὰ τὴν ἀσφάλειαν τῶν ὑψηλῶν ἐπισκεπτῶν, οἱ δὲ ἁρμόδιοι δηλοῦν ὅτι τὸ ζήτημα θὰ ἐξετασθῇ προσεχῶς κατὰ τὴν συνεδρίασιν.

Ὁ κ. Κέννεντυ θὰ ἐπισκεφθῇ τὴν Ἰρλανδίαν καὶ κατόπιν θὰ ἀναχωρήσῃ διὰ τὴν Ἀγγλίαν, ὅπου θὰ συναντηθῇ μετὰ τοῦ πρωθυπουργοῦ κ. Μάκ Μίλλαν. Αἱ συνομιλίαι θὰ ἀφοροῦν τὰ διεθνῆ προβλήματα, τὰς σχέσεις Ἀνατολῆς καὶ Δύσεως καὶ τὴν ἀπαγόρευσιν τῶν πυρηνικῶν δοκιμῶν. Κατὰ τὰς πληροφορίας, ἡ κυβέρνησις ἔλαβε πάντα τὰ ἐνδεικνυόμενα μέτρα διὰ τὴν ἀσφάλειαν τῶν ὑψηλῶν ἐπισκεπτῶν, οἱ δὲ ἁρμόδιοι δηλοῦν ὅτι τὸ ζήτημα θὰ ἐξετασθῇ προσεχῶς κατὰ τὴν συνεδρίασιν.

ΠΕΙΡΑΤΑΙ ΔΡΩΝΤΕΣ ΕΙΣ ΤΑ ΣΤΕΝΑ ΤΗΣ ΜΑΛΑΚΚΑΣ ΕΠΙΤΙΘΕΝΤΑΙ ΕΝΑΝΤΙΟΝ ΤΩΝ ΜΑΛΑΙΣΙΩΝ ΑΛΙΕΩΝ ΤΟΥΣ ΛΗΣΤΕΥΟΥΝ ΚΑΙ ΑΡΠΑΖΟΥΝ ΤΑΣ ΛΕΜΒΟΥΣ ΤΩΝ
ΚΟΥΑΛΑ ΛΟΥΜΠΟΥΡ, 27. (Ἀσσοτ. Πρές).

Ὁ κ. Κέννεντυ θὰ ἐπισκεφθῇ τὴν Ἰρλανδίαν καὶ κατόπιν θὰ ἀναχωρήσῃ διὰ τὴν Ἀγγλίαν, ὅπου θὰ συναντηθῇ μετὰ τοῦ πρωθυπουργοῦ κ. Μάκ Μίλλαν. Αἱ συνομιλίαι θὰ ἀφοροῦν τὰ διεθνῆ προβλήματα, τὰς σχέσεις Ἀνατολῆς καὶ Δύσεως καὶ τὴν ἀπαγόρευσιν τῶν πυρηνικῶν δοκιμῶν. Κατὰ τὰς πληροφορίας, ἡ κυβέρνησις ἔλαβε πάντα τὰ ἐνδεικνυόμενα μέτρα διὰ τὴν ἀσφάλειαν τῶν ὑψηλῶν ἐπισκεπτῶν, οἱ δὲ ἁρμόδιοι δηλοῦν ὅτι τὸ ζήτημα θὰ ἐξετασθῇ προσεχῶς κατὰ τὴν συνεδρίασιν.

Ὁ κ. Κέννεντυ θὰ ἐπισκεφθῇ τὴν Ἰρλανδίαν καὶ κατόπιν θὰ ἀναχωρήσῃ διὰ τὴν Ἀγγλίαν, ὅπου θὰ συναντηθῇ μετὰ τοῦ πρωθυπουργοῦ κ. Μάκ Μίλλαν. Αἱ συνομιλίαι θὰ ἀφοροῦν τὰ διεθνῆ προβλήματα, τὰς σχέσεις Ἀνατολῆς καὶ Δύσεως καὶ τὴν ἀπαγόρευσιν τῶν πυρηνικῶν δοκιμῶν. Κατὰ τὰς πληροφορίας, ἡ κυβέρνησις ἔλαβε πάντα τὰ ἐνδεικνυόμενα μέτρα διὰ τὴν ἀσφάλειαν τῶν ὑψηλῶν ἐπισκεπτῶν, οἱ δὲ ἁρμόδιοι δηλοῦν ὅτι τὸ ζήτημα θὰ ἐξετασθῇ προσεχῶς κατὰ τὴν συνεδρίασιν.

ΕΙΣ ΔΡΑΜΑΤΙΚΗΝ ΚΑΤΑΣΤΑΣΙΝ ΠΕΡΙΗΛΘΟΝ ΟΙ ΑΠΕΡΓΟΥΝΤΕΣ 900 ΕΡΓΑΤΑΙ ΤΗΣ «ΥΦΑΝΕΤ»
Οὐδεμίαν λύσιν ἐξεῦρον οἱ ἁρμόδιοι
Τὸ προσωπικὸν ἑνὸς τμήματος τῆς ΥΦΑΝΕΤ, τὸ ὁποῖον ἀπεργεῖ ἀπὸ πενθήμερου, πρὸ τῶν ἐγκαταστάσεων τοῦ ἐργοστασίου.

Ὁ κ. Κέννεντυ θὰ ἐπισκεφθῇ τὴν Ἰρλανδίαν καὶ κατόπιν θὰ ἀναχωρήσῃ διὰ τὴν Ἀγγλίαν, ὅπου θὰ συναντηθῇ μετὰ τοῦ πρωθυπουργοῦ κ. Μάκ Μίλλαν. Αἱ συνομιλίαι θὰ ἀφοροῦν τὰ διεθνῆ προβλήματα, τὰς σχέσεις Ἀνατολῆς καὶ Δύσεως καὶ τὴν ἀπαγόρευσιν τῶν πυρηνικῶν δοκιμῶν. Κατὰ τὰς πληροφορίας, ἡ κυβέρνησις ἔλαβε πάντα τὰ ἐνδεικνυόμενα μέτρα διὰ τὴν ἀσφάλειαν τῶν ὑψηλῶν ἐπισκεπτῶν, οἱ δὲ ἁρμόδιοι δηλοῦν ὅτι τὸ ζήτημα θὰ ἐξετασθῇ προσεχῶς κατὰ τὴν συνεδρίασιν.

Ὁ κ. Κέννεντυ θὰ ἐπισκεφθῇ τὴν Ἰρλανδίαν καὶ κατόπιν θὰ ἀναχωρήσῃ διὰ τὴν Ἀγγλίαν, ὅπου θὰ συναντηθῇ μετὰ τοῦ πρωθυπουργοῦ κ. Μάκ Μίλλαν. Αἱ συνομιλίαι θὰ ἀφοροῦν τὰ διεθνῆ προβλήματα, τὰς σχέσεις Ἀνατολῆς καὶ Δύσεως καὶ τὴν ἀπαγόρευσιν τῶν πυρηνικῶν δοκιμῶν. Κατὰ τὰς πληροφορίας, ἡ κυβέρνησις ἔλαβε πάντα τὰ ἐνδεικνυόμενα μέτρα διὰ τὴν ἀσφάλειαν τῶν ὑψηλῶν ἐπισκεπτῶν, οἱ δὲ ἁρμόδιοι δηλοῦν ὅτι τὸ ζήτημα θὰ ἐξετασθῇ προσεχῶς κατὰ τὴν συνεδρίασιν.

Ὁ κ. Κέννεντυ θὰ ἐπισκεφθῇ τὴν Ἰρλανδίαν καὶ κατόπιν θὰ ἀναχωρήσῃ διὰ τὴν Ἀγγλίαν, ὅπου θὰ συναντηθῇ μετὰ τοῦ πρωθυπουργοῦ κ. Μάκ Μίλλαν. Αἱ συνομιλίαι θὰ ἀφοροῦν τὰ διεθνῆ προβλήματα, τὰς σχέσεις Ἀνατολῆς καὶ Δύσεως καὶ τὴν ἀπαγόρευσιν τῶν πυρηνικῶν δοκιμῶν. Κατὰ τὰς πληροφορίας, ἡ κυβέρνησις ἔλαβε πάντα τὰ ἐνδεικνυόμενα μέτρα διὰ τὴν ἀσφάλειαν τῶν ὑψηλῶν ἐπισκεπτῶν, οἱ δὲ ἁρμόδιοι δηλοῦν ὅτι τὸ ζήτημα θὰ ἐξετασθῇ προσεχῶς κατὰ τὴν συνεδρίασιν.

Ἡ περιοδεία τοῦ Ἀμερικανοῦ προέδρου εἰς Εὐρώπην
Ο κ. ΚΕΝΝΕΝΤΥ ΜΕΤΑΒΑΙΝΕΙ ΕΙΣ ΤΟ ΛΟΝΔΙΝΟΝ ΔΙΑ ΣΥΝΟΜΙΛΙΑΣ ΜΕΤΑ ΤΟΥ κ. ΜΑΚ ΜΙΛΛΑΝ
ΤΗΝ ΔΕΥΤΕΡΑΝ ΑΝΑΧΩΡΕΙ ΔΙΑ ΤΗΝ ΡΩΜΗΝ
Θὰ συναντηθῇ μὲ τοὺς κ.κ. Σέννι καὶ Πιτσιόνι.— Θὰ ἐπισκεφθῇ τὸ ἀρχηγεῖον τοῦ ΝΑΤΟ εἰς τὴν Νεάπολιν.— Θὰ διέλθῃ καὶ ἐκ Μιλάνου
ΑΠΕΘΕΘΗ ΕΙΣ ΤΗΝ ΠΑΤΡΙΔΑ ΤΟΥ ΠΡΟΠΑΠΠΟΥ ΤΟΥ
Μέτρα ἀσφαλείας λαμβάνει ἡ Ἀγγλία
ΝΤΑΝΓΚΑΝΣΤΑΟΥΝ, Ἰρλανδίας, 27. (Ἀσσ. Πρές).

Ὁ κ. Κέννεντυ θὰ ἐπισκεφθῇ τὴν Ἰρλανδίαν καὶ κατόπιν θὰ ἀναχωρήσῃ διὰ τὴν Ἀγγλίαν, ὅπου θὰ συναντηθῇ μετὰ τοῦ πρωθυπουργοῦ κ. Μάκ Μίλλαν. Αἱ συνομιλίαι θὰ ἀφοροῦν τὰ διεθνῆ προβλήματα, τὰς σχέσεις Ἀνατολῆς καὶ Δύσεως καὶ τὴν ἀπαγόρευσιν τῶν πυρηνικῶν δοκιμῶν. Κατὰ τὰς πληροφορίας, ἡ κυβέρνησις ἔλαβε πάντα τὰ ἐνδεικνυόμενα μέτρα διὰ τὴν ἀσφάλειαν τῶν ὑψηλῶν ἐπισκεπτῶν, οἱ δὲ ἁρμόδιοι δηλοῦν ὅτι τὸ ζήτημα θὰ ἐξετασθῇ προσεχῶς κατὰ τὴν συνεδρίασιν.

ΜΕΓΑΛΕΙΩΔΗΣ ΥΠΟΔΟΧΗ

Ὁ κ. Κέννεντυ θὰ ἐπισκεφθῇ τὴν Ἰρλανδίαν καὶ κατόπιν θὰ ἀναχωρήσῃ διὰ τὴν Ἀγγλίαν, ὅπου θὰ συναντηθῇ μετὰ τοῦ πρωθυπουργοῦ κ. Μάκ Μίλλαν. Αἱ συνομιλίαι θὰ ἀφοροῦν τὰ διεθνῆ προβλήματα, τὰς σχέσεις Ἀνατολῆς καὶ Δύσεως καὶ τὴν ἀπαγόρευσιν τῶν πυρηνικῶν δοκιμῶν. Κατὰ τὰς πληροφορίας, ἡ κυβέρνησις ἔλαβε πάντα τὰ ἐνδεικνυόμενα μέτρα διὰ τὴν ἀσφάλειαν τῶν ὑψηλῶν ἐπισκεπτῶν, οἱ δὲ ἁρμόδιοι δηλοῦν ὅτι τὸ ζήτημα θὰ ἐξετασθῇ προσεχῶς κατὰ τὴν συνεδρίασιν.

Ὁ κ. Κέννεντυ θὰ ἐπισκεφθῇ τὴν Ἰρλανδίαν καὶ κατόπιν θὰ ἀναχωρήσῃ διὰ τὴν Ἀγγλίαν, ὅπου θὰ συναντηθῇ μετὰ τοῦ πρωθυπουργοῦ κ. Μάκ Μίλλαν. Αἱ συνομιλίαι θὰ ἀφοροῦν τὰ διεθνῆ προβλήματα, τὰς σχέσεις Ἀνατολῆς καὶ Δύσεως καὶ τὴν ἀπαγόρευσιν τῶν πυρηνικῶν δοκιμῶν. Κατὰ τὰς πληροφορίας, ἡ κυβέρνησις ἔλαβε πάντα τὰ ἐνδεικνυόμενα μέτρα διὰ τὴν ἀσφάλειαν τῶν ὑψηλῶν ἐπισκεπτῶν, οἱ δὲ ἁρμόδιοι δηλοῦν ὅτι τὸ ζήτημα θὰ ἐξετασθῇ προσεχῶς κατὰ τὴν συνεδρίασιν.

Ὁ κ. Κέννεντυ θὰ ἐπισκεφθῇ τὴν Ἰρλανδίαν καὶ κατόπιν θὰ ἀναχωρήσῃ διὰ τὴν Ἀγγλίαν, ὅπου θὰ συναντηθῇ μετὰ τοῦ πρωθυπουργοῦ κ. Μάκ Μίλλαν. Αἱ συνομιλίαι θὰ ἀφοροῦν τὰ διεθνῆ προβλήματα, τὰς σχέσεις Ἀνατολῆς καὶ Δύσεως καὶ τὴν ἀπαγόρευσιν τῶν πυρηνικῶν δοκιμῶν. Κατὰ τὰς πληροφορίας, ἡ κυβέρνησις ἔλαβε πάντα τὰ ἐνδεικνυόμενα μέτρα διὰ τὴν ἀσφάλειαν τῶν ὑψηλῶν ἐπισκεπτῶν, οἱ δὲ ἁρμόδιοι δηλοῦν ὅτι τὸ ζήτημα θὰ ἐξετασθῇ προσεχῶς κατὰ τὴν συνεδρίασιν.

ΤΟΜΑΣ ΡΗΝΤΥ

Ὁ κ. Κέννεντυ θὰ ἐπισκεφθῇ τὴν Ἰρλανδίαν καὶ κατόπιν θὰ ἀναχωρήσῃ διὰ τὴν Ἀγγλίαν, ὅπου θὰ συναντηθῇ μετὰ τοῦ πρωθυπουργοῦ κ. Μάκ Μίλλαν. Αἱ συνομιλίαι θὰ ἀφοροῦν τὰ διεθνῆ προβλήματα, τὰς σχέσεις Ἀνατολῆς καὶ Δύσεως καὶ τὴν ἀπαγόρευσιν τῶν πυρηνικῶν δοκιμῶν. Κατὰ τὰς πληροφορίας, ἡ κυβέρνησις ἔλαβε πάντα τὰ ἐνδεικνυόμενα μέτρα διὰ τὴν ἀσφάλειαν τῶν ὑψηλῶν ἐπισκεπτῶν, οἱ δὲ ἁρμόδιοι δηλοῦν ὅτι τὸ ζήτημα θὰ ἐξετασθῇ προσεχῶς κατὰ τὴν συνεδρίασιν.

ΤΗΝ ΔΕΥΤΕΡΑΝ ΕΙΣ ΡΩΜΗΝ

Ὁ κ. Κέννεντυ θὰ ἐπισκεφθῇ τὴν Ἰρλανδίαν καὶ κατόπιν θὰ ἀναχωρήσῃ διὰ τὴν Ἀγγλίαν, ὅπου θὰ συναντηθῇ μετὰ τοῦ πρωθυπουργοῦ κ. Μάκ Μίλλαν. Αἱ συνομιλίαι θὰ ἀφοροῦν τὰ διεθνῆ προβλήματα, τὰς σχέσεις Ἀνατολῆς καὶ Δύσεως καὶ τὴν ἀπαγόρευσιν τῶν πυρηνικῶν δοκιμῶν. Κατὰ τὰς πληροφορίας, ἡ κυβέρνησις ἔλαβε πάντα τὰ ἐνδεικνυόμενα μέτρα διὰ τὴν ἀσφάλειαν τῶν ὑψηλῶν ἐπισκεπτῶν, οἱ δὲ ἁρμόδιοι δηλοῦν ὅτι τὸ ζήτημα θὰ ἐξετασθῇ προσεχῶς κατὰ τὴν συνεδρίασιν.

ΝΕΑ ΑΕΡΟΠΟΡΙΚΗ ΓΡΑΜΜΗ ΜΟΣΧΑΣ - ΑΒΑΝΑΣ

Ὁ κ. Κέννεντυ θὰ ἐπισκεφθῇ τὴν Ἰρλανδίαν καὶ κατόπιν θὰ ἀναχωρήσῃ διὰ τὴν Ἀγγλίαν, ὅπου θὰ συναντηθῇ μετὰ τοῦ πρωθυπουργοῦ κ. Μάκ Μίλλαν. Αἱ συνομιλίαι θὰ ἀφοροῦν τὰ διεθνῆ προβλήματα, τὰς σχέσεις Ἀνατολῆς καὶ Δύσεως καὶ τὴν ἀπαγόρευσιν τῶν πυρηνικῶν δοκιμῶν. Κατὰ τὰς πληροφορίας, ἡ κυβέρνησις ἔλαβε πάντα τὰ ἐνδεικνυόμενα μέτρα διὰ τὴν ἀσφάλειαν τῶν ὑψηλῶν ἐπισκεπτῶν, οἱ δὲ ἁρμόδιοι δηλοῦν ὅτι τὸ ζήτημα θὰ ἐξετασθῇ προσεχῶς κατὰ τὴν συνεδρίασιν.

Ὁ κ. Κέννεντυ θὰ ἐπισκεφθῇ τὴν Ἰρλανδίαν καὶ κατόπιν θὰ ἀναχωρήσῃ διὰ τὴν Ἀγγλίαν, ὅπου θὰ συναντηθῇ μετὰ τοῦ πρωθυπουργοῦ κ. Μάκ Μίλλαν. Αἱ συνομιλίαι θὰ ἀφοροῦν τὰ διεθνῆ προβλήματα, τὰς σχέσεις Ἀνατολῆς καὶ Δύσεως καὶ τὴν ἀπαγόρευσιν τῶν πυρηνικῶν δοκιμῶν. Κατὰ τὰς πληροφορίας, ἡ κυβέρνησις ἔλαβε πάντα τὰ ἐνδεικνυόμενα μέτρα διὰ τὴν ἀσφάλειαν τῶν ὑψηλῶν ἐπισκεπτῶν, οἱ δὲ ἁρμόδιοι δηλοῦν ὅτι τὸ ζήτημα θὰ ἐξετασθῇ προσεχῶς κατὰ τὴν συνεδρίασιν.

ΣΥΚΕΝΤΡΩΣΙΣ ΔΙΑΜΑΡΤΥΡΙΑΣ

Ὁ κ. Κέννεντυ θὰ ἐπισκεφθῇ τὴν Ἰρλανδίαν καὶ κατόπιν θὰ ἀναχωρήσῃ διὰ τὴν Ἀγγλίαν, ὅπου θὰ συναντηθῇ μετὰ τοῦ πρωθυπουργοῦ κ. Μάκ Μίλλαν. Αἱ συνομιλίαι θὰ ἀφοροῦν τὰ διεθνῆ προβλήματα, τὰς σχέσεις Ἀνατολῆς καὶ Δύσεως καὶ τὴν ἀπαγόρευσιν τῶν πυρηνικῶν δοκιμῶν. Κατὰ τὰς πληροφορίας, ἡ κυβέρνησις ἔλαβε πάντα τὰ ἐνδεικνυόμενα μέτρα διὰ τὴν ἀσφάλειαν τῶν ὑψηλῶν ἐπισκεπτῶν, οἱ δὲ ἁρμόδιοι δηλοῦν ὅτι τὸ ζήτημα θὰ ἐξετασθῇ προσεχῶς κατὰ τὴν συνεδρίασιν.

ΑΙ ΔΗΛΩΣΕΙΣ ΑΛΛΗΛΕΓΓΥΗΣ

Ὁ κ. Κέννεντυ θὰ ἐπισκεφθῇ τὴν Ἰρλανδίαν καὶ κατόπιν θὰ ἀναχωρήσῃ διὰ τὴν Ἀγγλίαν, ὅπου θὰ συναντηθῇ μετὰ τοῦ πρωθυπουργοῦ κ. Μάκ Μίλλαν. Αἱ συνομιλίαι θὰ ἀφοροῦν τὰ διεθνῆ προβλήματα, τὰς σχέσεις Ἀνατολῆς καὶ Δύσεως καὶ τὴν ἀπαγόρευσιν τῶν πυρηνικῶν δοκιμῶν. Κατὰ τὰς πληροφορίας, ἡ κυβέρνησις ἔλαβε πάντα τὰ ἐνδεικνυόμενα μέτρα διὰ τὴν ἀσφάλειαν τῶν ὑψηλῶν ἐπισκεπτῶν, οἱ δὲ ἁρμόδιοι δηλοῦν ὅτι τὸ ζήτημα θὰ ἐξετασθῇ προσεχῶς κατὰ τὴν συνεδρίασιν.

ΛΕΩΝ ΤΗΣ ΘΕΣΣΑΛΟΝΙΚΗΣ ΑΙ ΤΕΛΕΙΟΦΟΙΤΟΙ ΤΟΥ Δ' ΘΗ
Αἱ τελειόφοιτοι τοῦ Δ' γυμνασίου θηλέων Θεσσαλονίκης, ἀπὸ τὸ γυμνασιάρχου κ. Μάντσου, φωτογραφοῦνται μετὰ τῆς λήξεως τῶν γυμνασιακῶν των σπουδῶν, εἰς τὴν αὐλὴν τοῦ σχολείου.
Ἐγένοντο τὰ πρῶτα διαβήματα
ΣΥΜΠΑΣ Ο ΣΙΤΟΠΑΡΑΓΩΓΙΚΟΣ ΚΟΣΜΟΣ ΘΑ ΑΠΟΔΥΘΗ ΕΙΣ ΕΝΤΟΝΩΤΑΤΟΝ ΑΓΩΝΑ ΔΙΑ ΤΑ ΜΕΤΡΑ ΠΡΟΣΤΑΣΙΑΣ ΤΟΥ ΣΙΤΟΥ
Ζητεῖται βασικὴ τιμὴ ἀσφαλείας 3,60 δρχ., διατήρησις ὅλων τῶν προνομιακῶν τιμῶν καὶ περαιτέρω ἐπέκτασις τῆς προστασίας
Ο κ. ΠΑΠΑΝΔΡΕΟΥ ΥΠΕΡ ΤΗΣ ΒΕΛΤΙΩΣΕΩΣ ΤΩΝ
ΑΘΗΝΑΙ, 27.—

Ὁ κ. Κέννεντυ θὰ ἐπισκεφθῇ τὴν Ἰρλανδίαν καὶ κατόπιν θὰ ἀναχωρήσῃ διὰ τὴν Ἀγγλίαν, ὅπου θὰ συναντηθῇ μετὰ τοῦ πρωθυπουργοῦ κ. Μάκ Μίλλαν. Αἱ συνομιλίαι θὰ ἀφοροῦν τὰ διεθνῆ προβλήματα, τὰς σχέσεις Ἀνατολῆς καὶ Δύσεως καὶ τὴν ἀπαγόρευσιν τῶν πυρηνικῶν δοκιμῶν. Κατὰ τὰς πληροφορίας, ἡ κυβέρνησις ἔλαβε πάντα τὰ ἐνδεικνυόμενα μέτρα διὰ τὴν ἀσφάλειαν τῶν ὑψηλῶν ἐπισκεπτῶν, οἱ δὲ ἁρμόδιοι δηλοῦν ὅτι τὸ ζήτημα θὰ ἐξετασθῇ προσεχῶς κατὰ τὴν συνεδρίασιν.

Ὁ κ. Κέννεντυ θὰ ἐπισκεφθῇ τὴν Ἰρλανδίαν καὶ κατόπιν θὰ ἀναχωρήσῃ διὰ τὴν Ἀγγλίαν, ὅπου θὰ συναντηθῇ μετὰ τοῦ πρωθυπουργοῦ κ. Μάκ Μίλλαν. Αἱ συνομιλίαι θὰ ἀφοροῦν τὰ διεθνῆ προβλήματα, τὰς σχέσεις Ἀνατολῆς καὶ Δύσεως καὶ τὴν ἀπαγόρευσιν τῶν πυρηνικῶν δοκιμῶν. Κατὰ τὰς πληροφορίας, ἡ κυβέρνησις ἔλαβε πάντα τὰ ἐνδεικνυόμενα μέτρα διὰ τὴν ἀσφάλειαν τῶν ὑψηλῶν ἐπισκεπτῶν, οἱ δὲ ἁρμόδιοι δηλοῦν ὅτι τὸ ζήτημα θὰ ἐξετασθῇ προσεχῶς κατὰ τὴν συνεδρίασιν.

Ὁ κ. Κέννεντυ θὰ ἐπισκεφθῇ τὴν Ἰρλανδίαν καὶ κατόπιν θὰ ἀναχωρήσῃ διὰ τὴν Ἀγγλίαν, ὅπου θὰ συναντηθῇ μετὰ τοῦ πρωθυπουργοῦ κ. Μάκ Μίλλαν. Αἱ συνομιλίαι θὰ ἀφοροῦν τὰ διεθνῆ προβλήματα, τὰς σχέσεις Ἀνατολῆς καὶ Δύσεως καὶ τὴν ἀπαγόρευσιν τῶν πυρηνικῶν δοκιμῶν. Κατὰ τὰς πληροφορίας, ἡ κυβέρνησις ἔλαβε πάντα τὰ ἐνδεικνυόμενα μέτρα διὰ τὴν ἀσφάλειαν τῶν ὑψηλῶν ἐπισκεπτῶν, οἱ δὲ ἁρμόδιοι δηλοῦν ὅτι τὸ ζήτημα θὰ ἐξετασθῇ προσεχῶς κατὰ τὴν συνεδρίασιν.

ΚΑΙ Η ΣΥΝΟΜΟΣΠΟΝΔΙΑ ΑΓΡΟΤΩΝ

Ὁ κ. Κέννεντυ θὰ ἐπισκεφθῇ τὴν Ἰρλανδίαν καὶ κατόπιν θὰ ἀναχωρήσῃ διὰ τὴν Ἀγγλίαν, ὅπου θὰ συναντηθῇ μετὰ τοῦ πρωθυπουργοῦ κ. Μάκ Μίλλαν. Αἱ συνομιλίαι θὰ ἀφοροῦν τὰ διεθνῆ προβλήματα, τὰς σχέσεις Ἀνατολῆς καὶ Δύσεως καὶ τὴν ἀπαγόρευσιν τῶν πυρηνικῶν δοκιμῶν. Κατὰ τὰς πληροφορίας, ἡ κυβέρνησις ἔλαβε πάντα τὰ ἐνδεικνυόμενα μέτρα διὰ τὴν ἀσφάλειαν τῶν ὑψηλῶν ἐπισκεπτῶν, οἱ δὲ ἁρμόδιοι δηλοῦν ὅτι τὸ ζήτημα θὰ ἐξετασθῇ προσεχῶς κατὰ τὴν συνεδρίασιν.

Κατ' ἐπιθυμίαν τοῦ προκατόχου του
Ο ΠΑΠΑΣ ΩΡΙΣΕ ΤΗΝ 29ΗΝ ΣΕΠΤΕΜΒΡΙΟΥ ΩΣ ΗΜΕΡΑΝ ΕΠΑΝΑΛΗΨΕΩΣ ΤΩΝ ΕΡΓΑΣΙΩΝ ΤΗΣ ΣΥΝΟΔΟΥ ΤΗΣ ΡΩΜΗΣ
2.500 ἐπίσκοποι θὰ κληθοῦν
νὰ ἔλθουν εἰς Ἁγίαν Ἕδραν
Η ΕΚΠΡΟΣΩΠΗΣΙΣ ΤΟΥ κ. ΚΕΝΝΕΝΤΥ ΕΙΣ ΤΗΝ ΣΤΕΨΙΝ
ΠΟΛΙΣ ΤΟΥ ΒΑΤΙΚΑΝΟΥ, 27. (Ἀσσ. Πρές).

Ὁ κ. Κέννεντυ θὰ ἐπισκεφθῇ τὴν Ἰρλανδίαν καὶ κατόπιν θὰ ἀναχωρήσῃ διὰ τὴν Ἀγγλίαν, ὅπου θὰ συναντηθῇ μετὰ τοῦ πρωθυπουργοῦ κ. Μάκ Μίλλαν. Αἱ συνομιλίαι θὰ ἀφοροῦν τὰ διεθνῆ προβλήματα, τὰς σχέσεις Ἀνατολῆς καὶ Δύσεως καὶ τὴν ἀπαγόρευσιν τῶν πυρηνικῶν δοκιμῶν. Κατὰ τὰς πληροφορίας, ἡ κυβέρνησις ἔλαβε πάντα τὰ ἐνδεικνυόμενα μέτρα διὰ τὴν ἀσφάλειαν τῶν ὑψηλῶν ἐπισκεπτῶν, οἱ δὲ ἁρμόδιοι δηλοῦν ὅτι τὸ ζήτημα θὰ ἐξετασθῇ προσεχῶς κατὰ τὴν συνεδρίασιν.

Η ΑΜΕΡΙΚΑΝΙΚΗ ΑΝΤΙΠΡΟΣΩΠΕΙΑ

Ὁ κ. Κέννεντυ θὰ ἐπισκεφθῇ τὴν Ἰρλανδίαν καὶ κατόπιν θὰ ἀναχωρήσῃ διὰ τὴν Ἀγγλίαν, ὅπου θὰ συναντηθῇ μετὰ τοῦ πρωθυπουργοῦ κ. Μάκ Μίλλαν. Αἱ συνομιλίαι θὰ ἀφοροῦν τὰ διεθνῆ προβλήματα, τὰς σχέσεις Ἀνατολῆς καὶ Δύσεως καὶ τὴν ἀπαγόρευσιν τῶν πυρηνικῶν δοκιμῶν. Κατὰ τὰς πληροφορίας, ἡ κυβέρνησις ἔλαβε πάντα τὰ ἐνδεικνυόμενα μέτρα διὰ τὴν ἀσφάλειαν τῶν ὑψηλῶν ἐπισκεπτῶν, οἱ δὲ ἁρμόδιοι δηλοῦν ὅτι τὸ ζήτημα θὰ ἐξετασθῇ προσεχῶς κατὰ τὴν συνεδρίασιν.

Ὁ κ. Κέννεντυ θὰ ἐπισκεφθῇ τὴν Ἰρλανδίαν καὶ κατόπιν θὰ ἀναχωρήσῃ διὰ τὴν Ἀγγλίαν, ὅπου θὰ συναντηθῇ μετὰ τοῦ πρωθυπουργοῦ κ. Μάκ Μίλλαν. Αἱ συνομιλίαι θὰ ἀφοροῦν τὰ διεθνῆ προβλήματα, τὰς σχέσεις Ἀνατολῆς καὶ Δύσεως καὶ τὴν ἀπαγόρευσιν τῶν πυρηνικῶν δοκιμῶν. Κατὰ τὰς πληροφορίας, ἡ κυβέρνησις ἔλαβε πάντα τὰ ἐνδεικνυόμενα μέτρα διὰ τὴν ἀσφάλειαν τῶν ὑψηλῶν ἐπισκεπτῶν, οἱ δὲ ἁρμόδιοι δηλοῦν ὅτι τὸ ζήτημα θὰ ἐξετασθῇ προσεχῶς κατὰ τὴν συνεδρίασιν.

ΑΡΑΒΙΚΗ ΑΝΤΙΠΡΟΣΩΠΕΙΑ

Ὁ κ. Κέννεντυ θὰ ἐπισκεφθῇ τὴν Ἰρλανδίαν καὶ κατόπιν θὰ ἀναχωρήσῃ διὰ τὴν Ἀγγλίαν, ὅπου θὰ συναντηθῇ μετὰ τοῦ πρωθυπουργοῦ κ. Μάκ Μίλλαν. Αἱ συνομιλίαι θὰ ἀφοροῦν τὰ διεθνῆ προβλήματα, τὰς σχέσεις Ἀνατολῆς καὶ Δύσεως καὶ τὴν ἀπαγόρευσιν τῶν πυρηνικῶν δοκιμῶν. Κατὰ τὰς πληροφορίας, ἡ κυβέρνησις ἔλαβε πάντα τὰ ἐνδεικνυόμενα μέτρα διὰ τὴν ἀσφάλειαν τῶν ὑψηλῶν ἐπισκεπτῶν, οἱ δὲ ἁρμόδιοι δηλοῦν ὅτι τὸ ζήτημα θὰ ἐξετασθῇ προσεχῶς κατὰ τὴν συνεδρίασιν.

80 ΑΠΟΣΤΟΛΑΙ

Ὁ κ. Κέννεντυ θὰ ἐπισκεφθῇ τὴν Ἰρλανδίαν καὶ κατόπιν θὰ ἀναχωρήσῃ διὰ τὴν Ἀγγλίαν, ὅπου θὰ συναντηθῇ μετὰ τοῦ πρωθυπουργοῦ κ. Μάκ Μίλλαν. Αἱ συνομιλίαι θὰ ἀφοροῦν τὰ διεθνῆ προβλήματα, τὰς σχέσεις Ἀνατολῆς καὶ Δύσεως καὶ τὴν ἀπαγόρευσιν τῶν πυρηνικῶν δοκιμῶν. Κατὰ τὰς πληροφορίας, ἡ κυβέρνησις ἔλαβε πάντα τὰ ἐνδεικνυόμενα μέτρα διὰ τὴν ἀσφάλειαν τῶν ὑψηλῶν ἐπισκεπτῶν, οἱ δὲ ἁρμόδιοι δηλοῦν ὅτι τὸ ζήτημα θὰ ἐξετασθῇ προσεχῶς κατὰ τὴν συνεδρίασιν.

Ἀφοῦ ἀπελογήθη ἐνώπιον τοῦ ἀνακριτοῦ
ΕΚΡΙΘΗ ΠΡΟΦΥΛΑΚΙΣΤΕΟΣ ΕΠΙ ΨΕΥΔΟΡΚΙΑ ΕΙΣ ΕΚ ΤΩΝ ΜΑΡΤΥΡΩΝ ΔΙΑ ΤΑ ΕΠΕΙΣΟΔΙΑ
Προσδιωρίσθη διὰ τὴν 26ην Ἰουλίου
ἡ δίκη τοῦ ἐπιπολιοῦ Σωτηροπούλου
ΕΓΕΝΕΤΟ ΚΑΙ ΝΕΑ ΚΑΤΑΓΓΕΛΙΑ ΔΙΑ ΤΟΝ ΓΚΟΤΖΑΜΑΝΗΝ

Ὁ κ. Κέννεντυ θὰ ἐπισκεφθῇ τὴν Ἰρλανδίαν καὶ κατόπιν θὰ ἀναχωρήσῃ διὰ τὴν Ἀγγλίαν, ὅπου θὰ συναντηθῇ μετὰ τοῦ πρωθυπουργοῦ κ. Μάκ Μίλλαν. Αἱ συνομιλίαι θὰ ἀφοροῦν τὰ διεθνῆ προβλήματα, τὰς σχέσεις Ἀνατολῆς καὶ Δύσεως καὶ τὴν ἀπαγόρευσιν τῶν πυρηνικῶν δοκιμῶν. Κατὰ τὰς πληροφορίας, ἡ κυβέρνησις ἔλαβε πάντα τὰ ἐνδεικνυόμενα μέτρα διὰ τὴν ἀσφάλειαν τῶν ὑψηλῶν ἐπισκεπτῶν, οἱ δὲ ἁρμόδιοι δηλοῦν ὅτι τὸ ζήτημα θὰ ἐξετασθῇ προσεχῶς κατὰ τὴν συνεδρίασιν.

Ὁ κ. Κέννεντυ θὰ ἐπισκεφθῇ τὴν Ἰρλανδίαν καὶ κατόπιν θὰ ἀναχωρήσῃ διὰ τὴν Ἀγγλίαν, ὅπου θὰ συναντηθῇ μετὰ τοῦ πρωθυπουργοῦ κ. Μάκ Μίλλαν. Αἱ συνομιλίαι θὰ ἀφοροῦν τὰ διεθνῆ προβλήματα, τὰς σχέσεις Ἀνατολῆς καὶ Δύσεως καὶ τὴν ἀπαγόρευσιν τῶν πυρηνικῶν δοκιμῶν. Κατὰ τὰς πληροφορίας, ἡ κυβέρνησις ἔλαβε πάντα τὰ ἐνδεικνυόμενα μέτρα διὰ τὴν ἀσφάλειαν τῶν ὑψηλῶν ἐπισκεπτῶν, οἱ δὲ ἁρμόδιοι δηλοῦν ὅτι τὸ ζήτημα θὰ ἐξετασθῇ προσεχῶς κατὰ τὴν συνεδρίασιν.

Ὑπὸ τοῦ πλημμελειοδικείου Βεροίας
ΑΝΕΒΛΗΘΗ ΔΙΑ ΤΗΝ 12ην ΙΟΥΛΙΟΥ Η ΔΙΚΗ ΤΩΝ ΕΝΔΕΚΑ ΦΙΛΑΘΛΩΝ ΤΗΣ «ΑΝΑΓΕΝΝΗΣΕΩΣ» ΓΙΑΝΝΙΤΣΩΝ
Τὸ δικαστήριον ἐδέχθη αἴτημα τῆς ὑπερασπίσεως διὰ νὰ παραστοῦν οὐσιώδεις μάρτυρες
ΠΕΝΤΕ ΚΡΑΤΟΥΜΕΝΟΙ ΑΦΕΘΗΣΑΝ ΕΛΕΥΘΕΡΟΙ
ΒΕΡΟΙΑ, 27.—

Ὁ κ. Κέννεντυ θὰ ἐπισκεφθῇ τὴν Ἰρλανδίαν καὶ κατόπιν θὰ ἀναχωρήσῃ διὰ τὴν Ἀγγλίαν, ὅπου θὰ συναντηθῇ μετὰ τοῦ πρωθυπουργοῦ κ. Μάκ Μίλλαν. Αἱ συνομιλίαι θὰ ἀφοροῦν τὰ διεθνῆ προβλήματα, τὰς σχέσεις Ἀνατολῆς καὶ Δύσεως καὶ τὴν ἀπαγόρευσιν τῶν πυρηνικῶν δοκιμῶν. Κατὰ τὰς πληροφορίας, ἡ κυβέρνησις ἔλαβε πάντα τὰ ἐνδεικνυόμενα μέτρα διὰ τὴν ἀσφάλειαν τῶν ὑψηλῶν ἐπισκεπτῶν, οἱ δὲ ἁρμόδιοι δηλοῦν ὅτι τὸ ζήτημα θὰ ἐξετασθῇ προσεχῶς κατὰ τὴν συνεδρίασιν.

Ὁ κ. Κέννεντυ θὰ ἐπισκεφθῇ τὴν Ἰρλανδίαν καὶ κατόπιν θὰ ἀναχωρήσῃ διὰ τὴν Ἀγγλίαν, ὅπου θὰ συναντηθῇ μετὰ τοῦ πρωθυπουργοῦ κ. Μάκ Μίλλαν. Αἱ συνομιλίαι θὰ ἀφοροῦν τὰ διεθνῆ προβλήματα, τὰς σχέσεις Ἀνατολῆς καὶ Δύσεως καὶ τὴν ἀπαγόρευσιν τῶν πυρηνικῶν δοκιμῶν. Κατὰ τὰς πληροφορίας, ἡ κυβέρνησις ἔλαβε πάντα τὰ ἐνδεικνυόμενα μέτρα διὰ τὴν ἀσφάλειαν τῶν ὑψηλῶν ἐπισκεπτῶν, οἱ δὲ ἁρμόδιοι δηλοῦν ὅτι τὸ ζήτημα θὰ ἐξετασθῇ προσεχῶς κατὰ τὴν συνεδρίασιν.
